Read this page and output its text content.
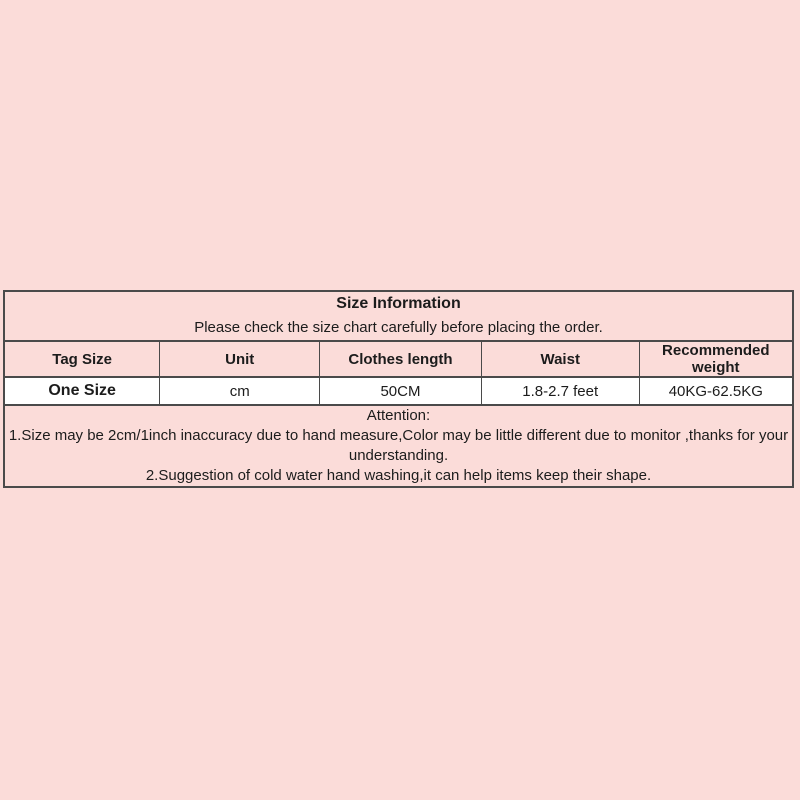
Size Information
Please check the size chart carefully before placing the order.				

Tag Size	Unit	Clothes length	Waist	Recommended weight
One Size	cm	50CM	1.8-2.7 feet	40KG-62.5KG

Attention:
1.Size may be 2cm/1inch inaccuracy due to hand measure,Color may be little different due to monitor ,thanks for your understanding.
2.Suggestion of cold water hand washing,it can help items keep their shape.				
